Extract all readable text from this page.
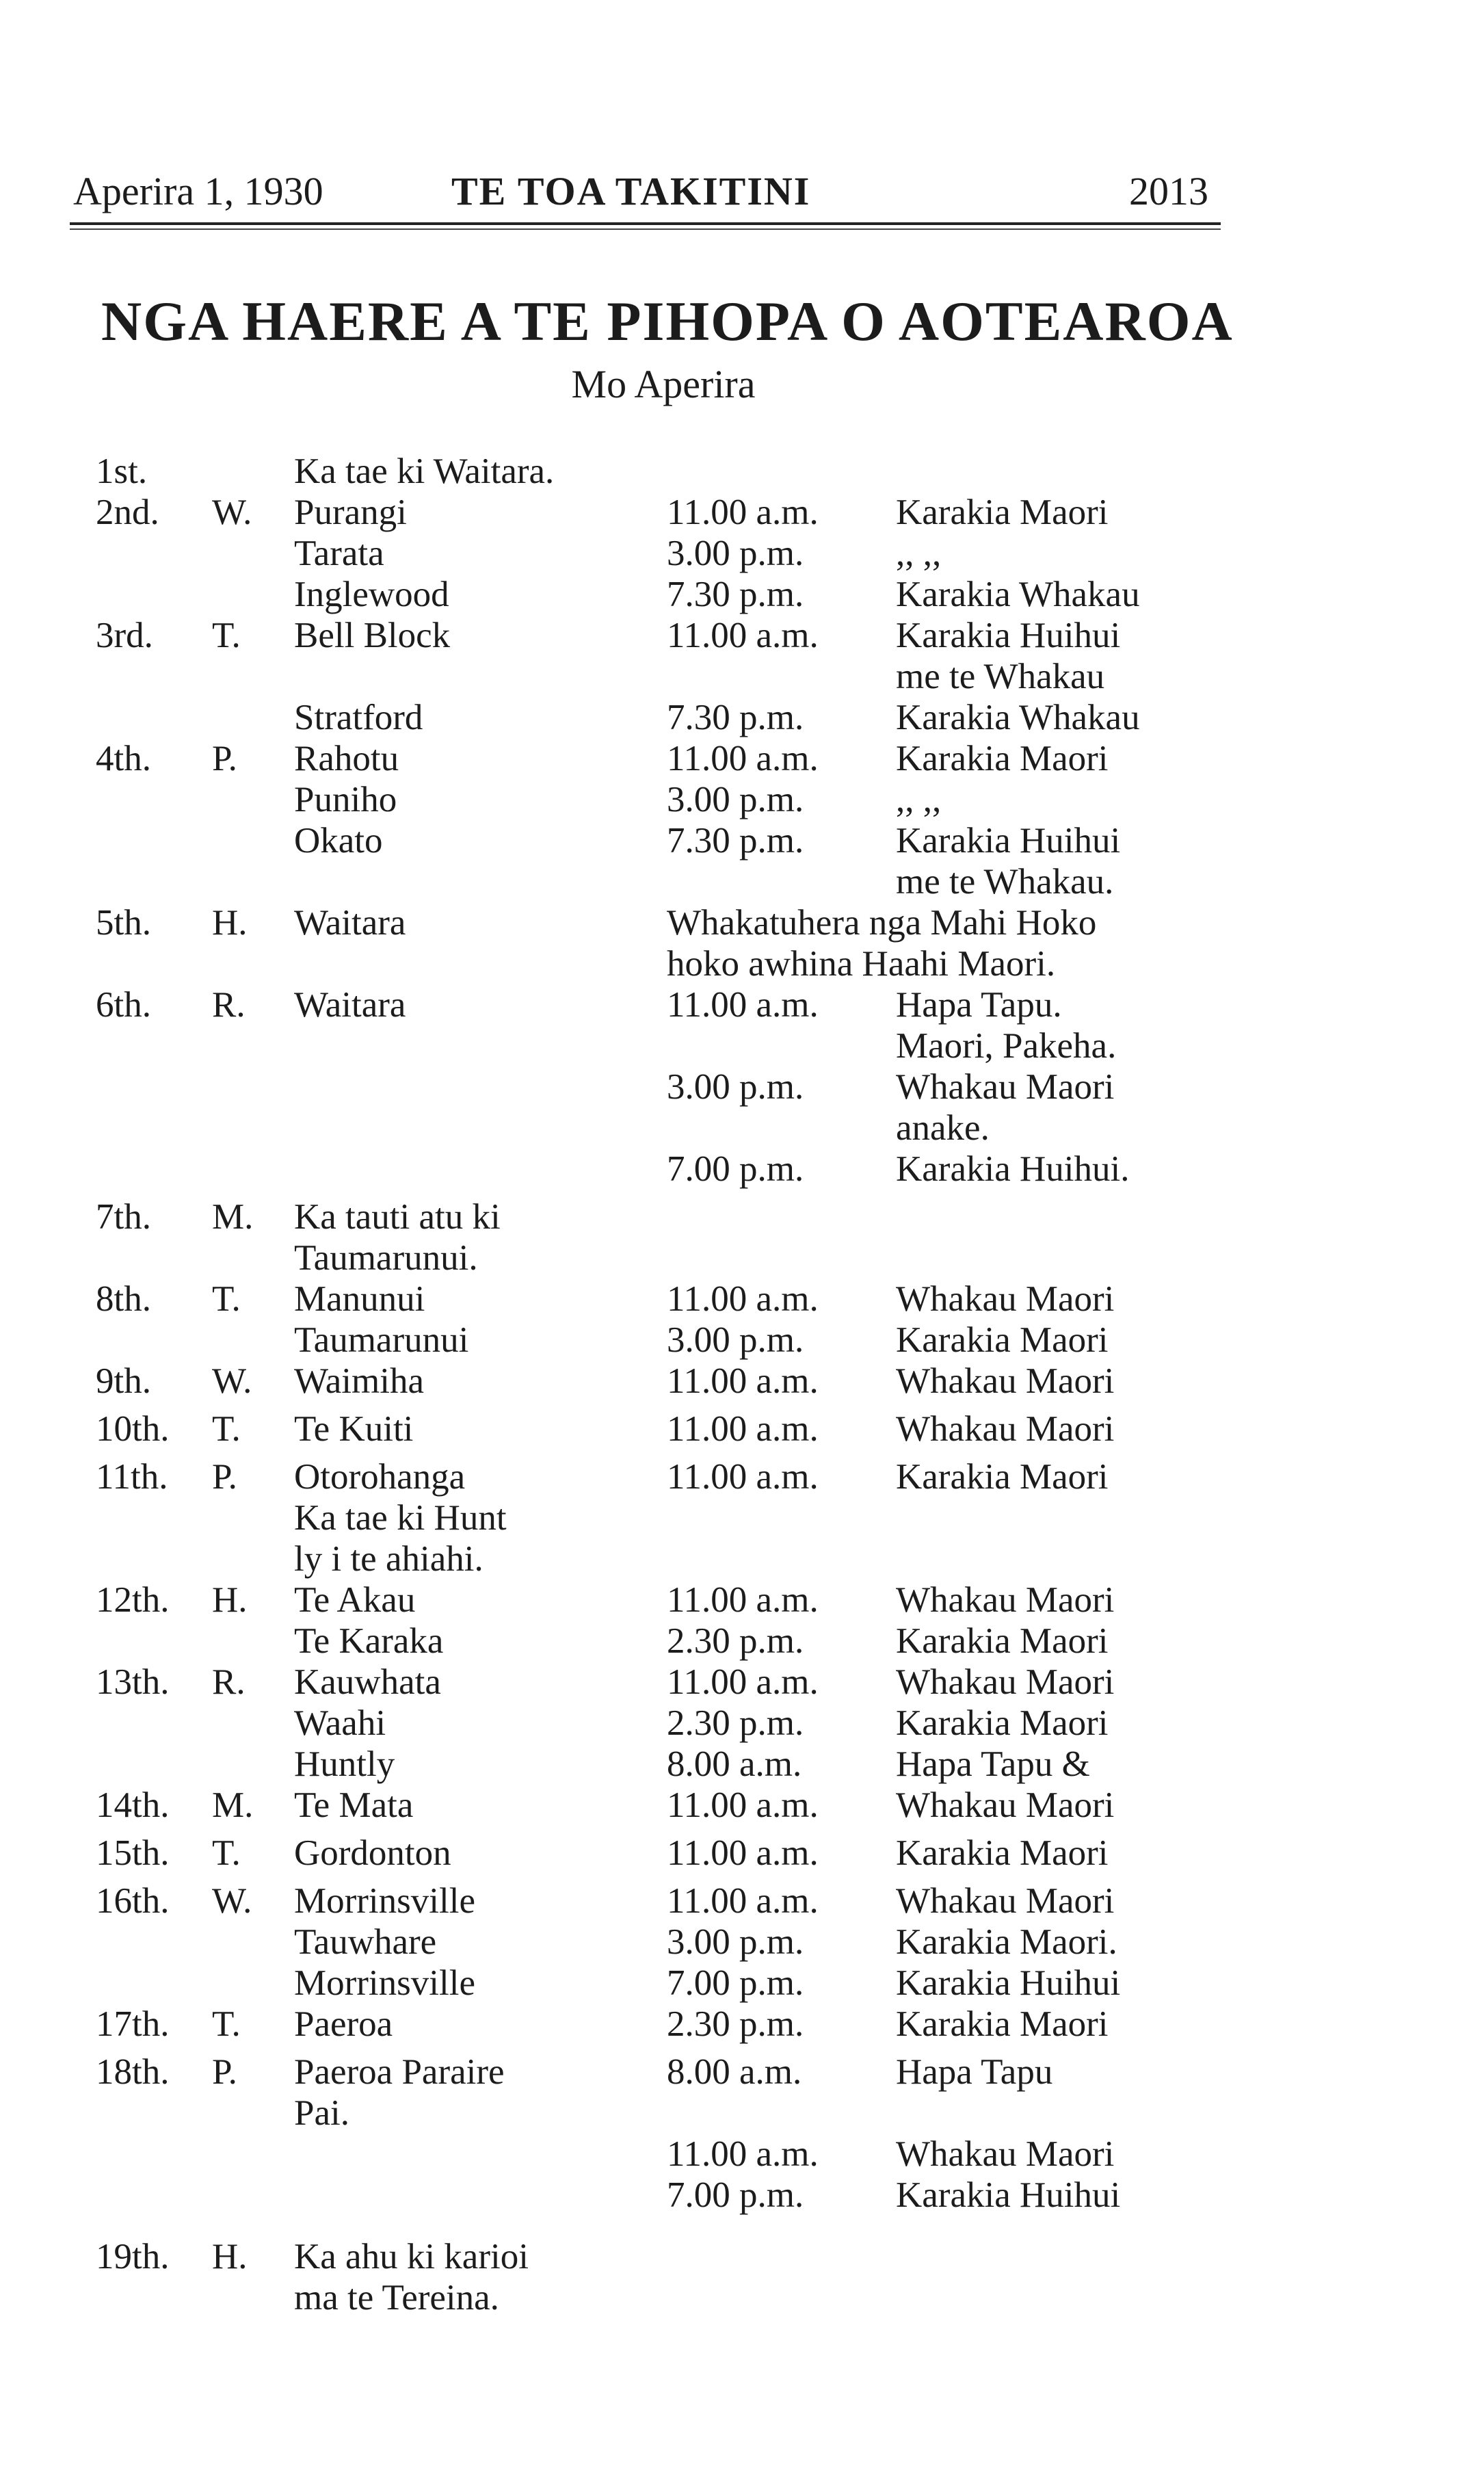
Aperira 1, 1930	TE TOA TAKITINI	2013
NGA HAERE A TE PIHOPA O AOTEAROA
Mo Aperira
1st.	Ka tae ki Waitara.
2nd. W. Purangi	11.00 a.m. Karakia Maori
Tarata	3.00 p.m.	,, ,,
Inglewood	7.30 p.m.	Karakia Whakau
3rd. T. Bell Block	11.00 a.m. Karakia Huihui
me te Whakau
Stratford	7.30 p.m.	Karakia Whakau
4th. P. Rahotu	11.00 a.m. Karakia Maori
Puniho	3.00 p.m.	,, ,,
Okato	7.30 p.m.	Karakia Huihui
me te Whakau.
5th. H. Waitara	Whakatuhera nga Mahi Hoko
hoko awhina Haahi Maori.
6th. R. Waitara	11.00 a.m. Hapa Tapu.
Maori, Pakeha.
3.00 p.m.	Whakau Maori
anake.
7.00 p.m.	Karakia Huihui.
7th. M. Ka tauti atu ki
Taumarunui.
8th. T. Manunui	11.00 a.m. Whakau Maori
Taumarunui	3.00 p.m.	Karakia Maori
9th. W. Waimiha	11.00 a.m. Whakau Maori
10th. T. Te Kuiti	11.00 a.m. Whakau Maori
11th. P. Otorohanga	11.00 a.m. Karakia Maori
Ka tae ki Hunt
ly i te ahiahi.
12th. H. Te Akau	11.00 a.m. Whakau Maori
Te Karaka	2.30 p.m.	Karakia Maori
13th. R. Kauwhata	11.00 a.m. Whakau Maori
Waahi	2.30 p.m.	Karakia Maori
Huntly	8.00 a.m.	Hapa Tapu &
14th. M. Te Mata	11.00 a.m. Whakau Maori
15th. T. Gordonton	11.00 a.m. Karakia Maori
16th. W. Morrinsville	11.00 a.m. Whakau Maori
Tauwhare	3.00 p.m.	Karakia Maori.
Morrinsville	7.00 p.m.	Karakia Huihui
17th. T. Paeroa	2.30 p.m.	Karakia Maori
18th. P. Paeroa Paraire	8.00 a.m.	Hapa Tapu
Pai.
11.00 a.m. Whakau Maori
7.00 p.m.	Karakia Huihui
19th. H. Ka ahu ki karioi
ma te Tereina.
